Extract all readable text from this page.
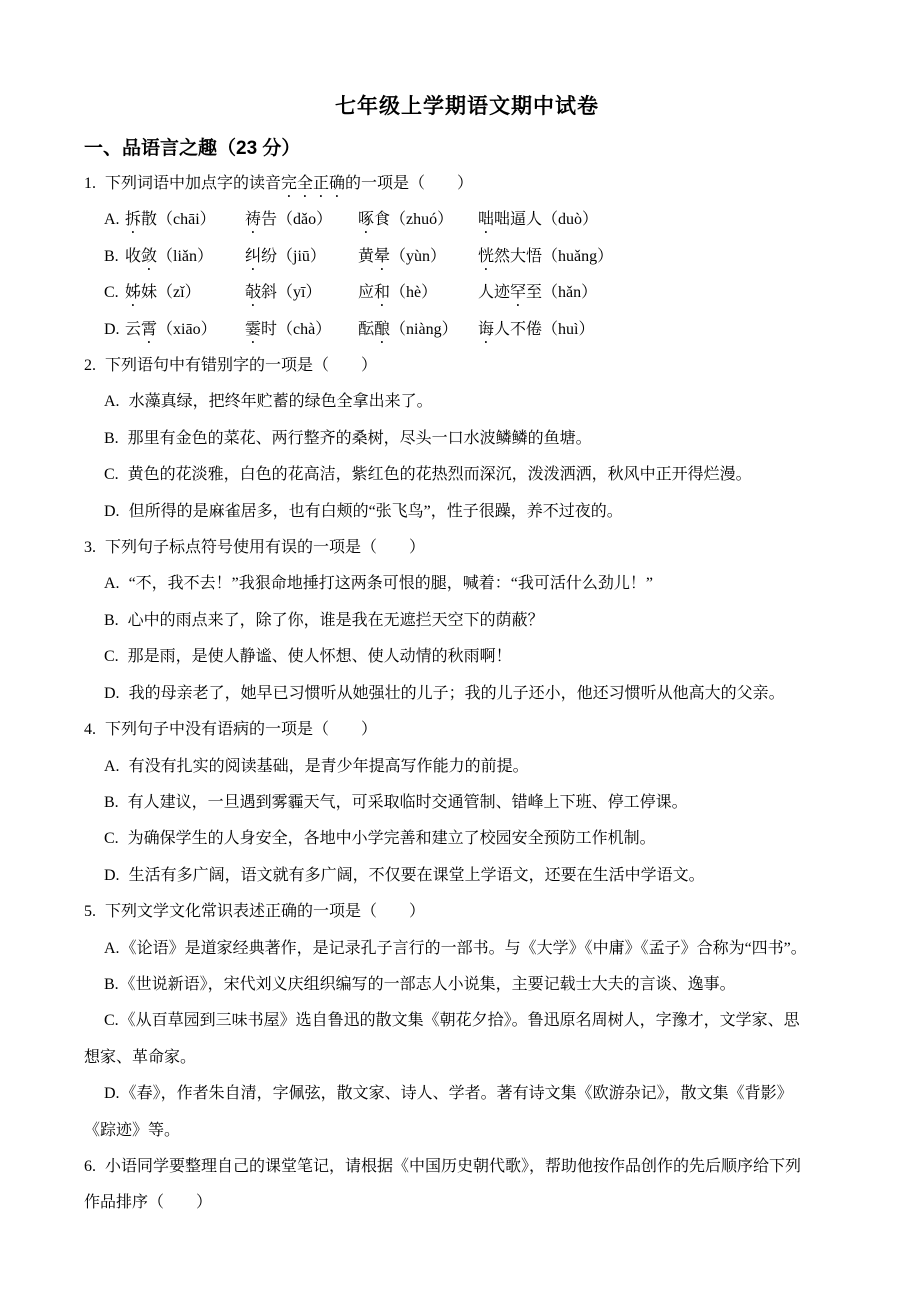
七年级上学期语文期中试卷
一、品语言之趣（23 分）

1. 下列词语中加点字的读音完全正确的一项是（　　）

A. 拆散（chāi）	祷告（dǎo）	啄食（zhuó）	咄咄逼人（duò）
B. 收敛（liǎn）	纠纷（jiū）	黄晕（yùn）	恍然大悟（huǎng）
C. 姊妹（zǐ）	敧斜（yī）	应和（hè）	人迹罕至（hǎn）
D. 云霄（xiāo）	霎时（chà）	酝酿（niàng）	诲人不倦（huì）

2. 下列语句中有错别字的一项是（　　）

A. 水藻真绿，把终年贮蓄的绿色全拿出来了。

B. 那里有金色的菜花、两行整齐的桑树，尽头一口水波鳞鳞的鱼塘。

C. 黄色的花淡雅，白色的花高洁，紫红色的花热烈而深沉，泼泼洒洒，秋风中正开得烂漫。

D. 但所得的是麻雀居多，也有白颊的“张飞鸟”，性子很躁，养不过夜的。

3. 下列句子标点符号使用有误的一项是（　　）

A. “不，我不去！”我狠命地捶打这两条可恨的腿，喊着：“我可活什么劲儿！”

B. 心中的雨点来了，除了你，谁是我在无遮拦天空下的荫蔽？

C. 那是雨，是使人静谧、使人怀想、使人动情的秋雨啊！

D. 我的母亲老了，她早已习惯听从她强壮的儿子；我的儿子还小，他还习惯听从他高大的父亲。

4. 下列句子中没有语病的一项是（　　）

A. 有没有扎实的阅读基础，是青少年提高写作能力的前提。

B. 有人建议，一旦遇到雾霾天气，可采取临时交通管制、错峰上下班、停工停课。

C. 为确保学生的人身安全，各地中小学完善和建立了校园安全预防工作机制。

D. 生活有多广阔，语文就有多广阔，不仅要在课堂上学语文，还要在生活中学语文。

5. 下列文学文化常识表述正确的一项是（　　）

A.《论语》是道家经典著作，是记录孔子言行的一部书。与《大学》《中庸》《孟子》合称为“四书”。

B.《世说新语》，宋代刘义庆组织编写的一部志人小说集，主要记载士大夫的言谈、逸事。

C.《从百草园到三味书屋》选自鲁迅的散文集《朝花夕拾》。鲁迅原名周树人，字豫才，文学家、思

想家、革命家。

D.《春》，作者朱自清，字佩弦，散文家、诗人、学者。著有诗文集《欧游杂记》，散文集《背影》

《踪迹》等。

6. 小语同学要整理自己的课堂笔记，请根据《中国历史朝代歌》，帮助他按作品创作的先后顺序给下列

作品排序（　　）
